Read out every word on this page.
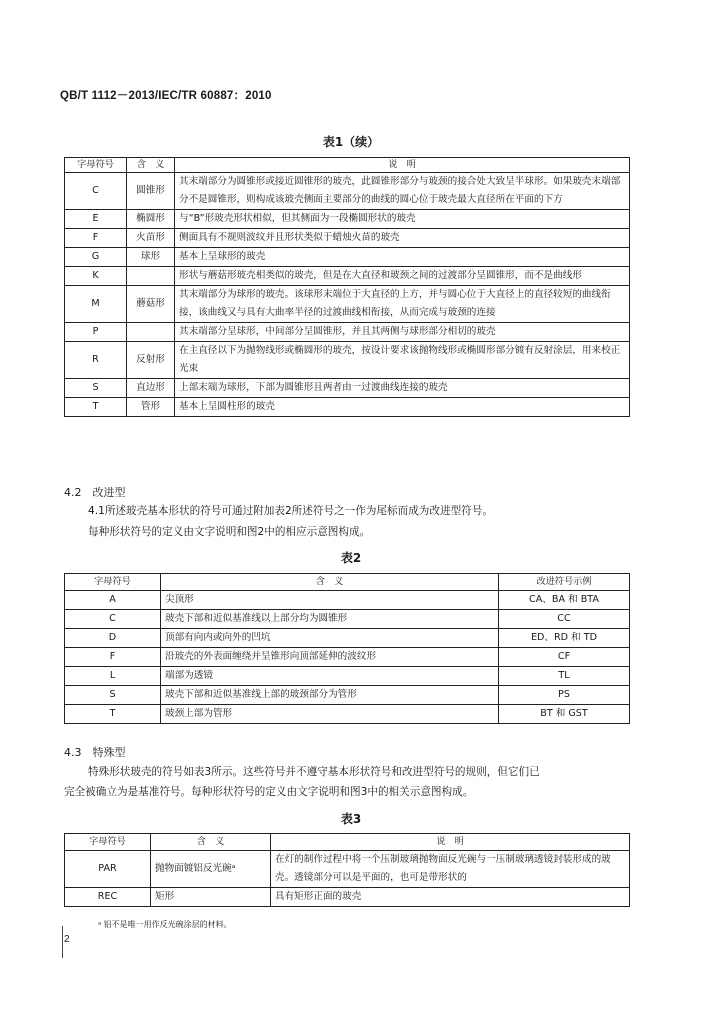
QB/T 1112－2013/IEC/TR 60887：2010
表1（续）
字母符号	含　义	说　明
C	圆锥形	其末端部分为圆锥形或接近圆锥形的玻壳，此圆锥形部分与玻颈的接合处大致呈半球形。如果玻壳末端部分不是圆锥形，则构成该玻壳侧面主要部分的曲线的圆心位于玻壳最大直径所在平面的下方
E	椭圆形	与“B”形玻壳形状相似，但其侧面为一段椭圆形状的玻壳
F	火苗形	侧面具有不规则波纹并且形状类似于蜡烛火苗的玻壳
G	球形	基本上呈球形的玻壳
K		形状与蘑菇形玻壳相类似的玻壳，但是在大直径和玻颈之间的过渡部分呈圆锥形，而不是曲线形
M	蘑菇形	其末端部分为球形的玻壳。该球形末端位于大直径的上方，并与圆心位于大直径上的直径较短的曲线衔接，该曲线又与具有大曲率半径的过渡曲线相衔接，从而完成与玻颈的连接
P		其末端部分呈球形，中间部分呈圆锥形，并且其两侧与球形部分相切的玻壳
R	反射形	在主直径以下为抛物线形或椭圆形的玻壳，按设计要求该抛物线形或椭圆形部分镀有反射涂层，用来校正光束
S	直边形	上部末端为球形，下部为圆锥形且两者由一过渡曲线连接的玻壳
T	管形	基本上呈圆柱形的玻壳
4.2　改进型
4.1所述玻壳基本形状的符号可通过附加表2所述符号之一作为尾标而成为改进型符号。
每种形状符号的定义由文字说明和图2中的相应示意图构成。
表2
字母符号	含　义	改进符号示例
A	尖顶形	CA、BA 和 BTA
C	玻壳下部和近似基准线以上部分均为圆锥形	CC
D	顶部有向内或向外的凹坑	ED、RD 和 TD
F	沿玻壳的外表面缠绕并呈锥形向顶部延伸的波纹形	CF
L	端部为透镜	TL
S	玻壳下部和近似基准线上部的玻颈部分为管形	PS
T	玻颈上部为管形	BT 和 GST
4.3　特殊型
特殊形状玻壳的符号如表3所示。这些符号并不遵守基本形状符号和改进型符号的规则，但它们已
完全被确立为是基准符号。每种形状符号的定义由文字说明和图3中的相关示意图构成。
表3
字母符号	含　义	说　明
PAR	抛物面镀铝反光碗ᵃ	在灯的制作过程中将一个压制玻璃抛物面反光碗与一压制玻璃透镜封装形成的玻壳。透镜部分可以是平面的，也可是带形状的
REC	矩形	具有矩形正面的玻壳
ᵃ 铝不是唯一用作反光碗涂层的材料。
2
